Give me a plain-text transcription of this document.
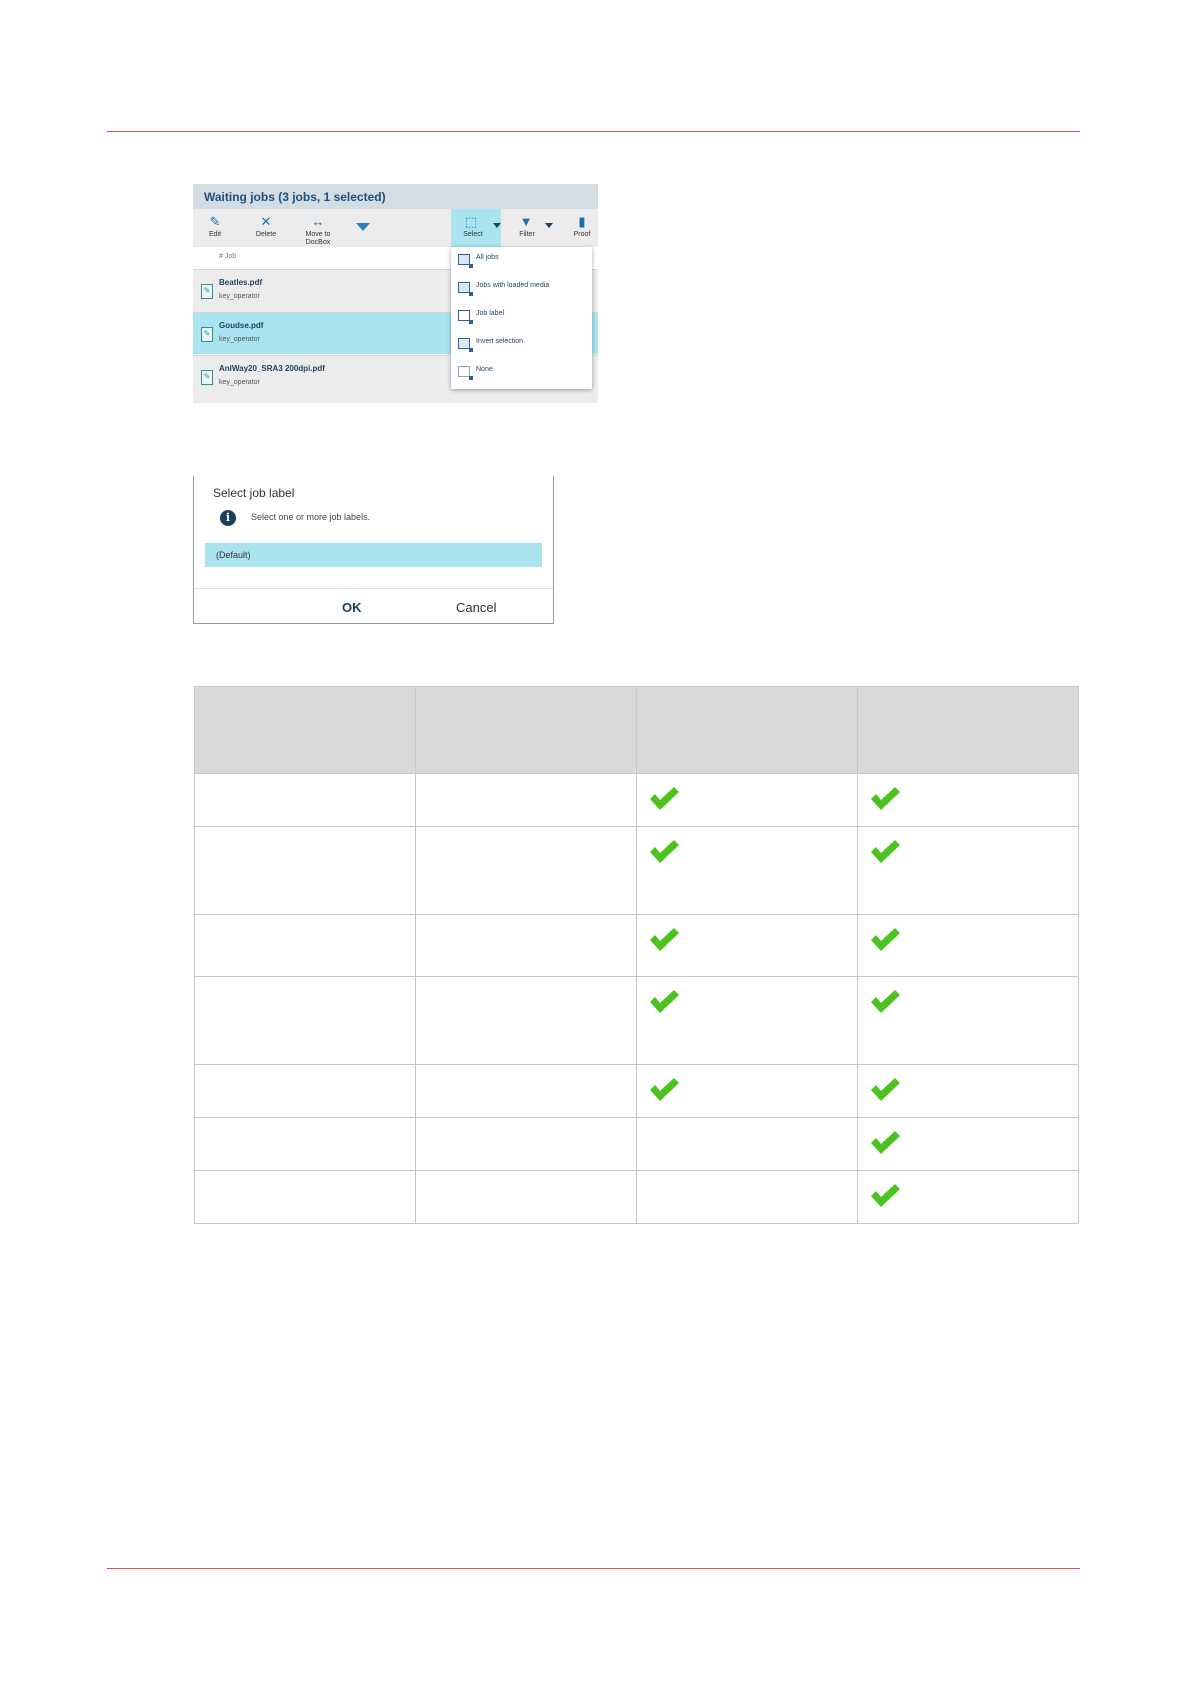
Waiting jobs (3 jobs, 1 selected)
✎
Edit
✕
Delete
↔
Move to
DocBox
⬚
Select
▼
Filter
▮
Proof
# Job
✎
Beatles.pdf
key_operator
✎
Goudse.pdf
key_operator
✎
AnlWay20_SRA3 200dpi.pdf
key_operator
All jobs
Jobs with loaded media
Job label
Invert selection
None
Select job label
i	Select one or more job labels.
(Default)
OK	Cancel
